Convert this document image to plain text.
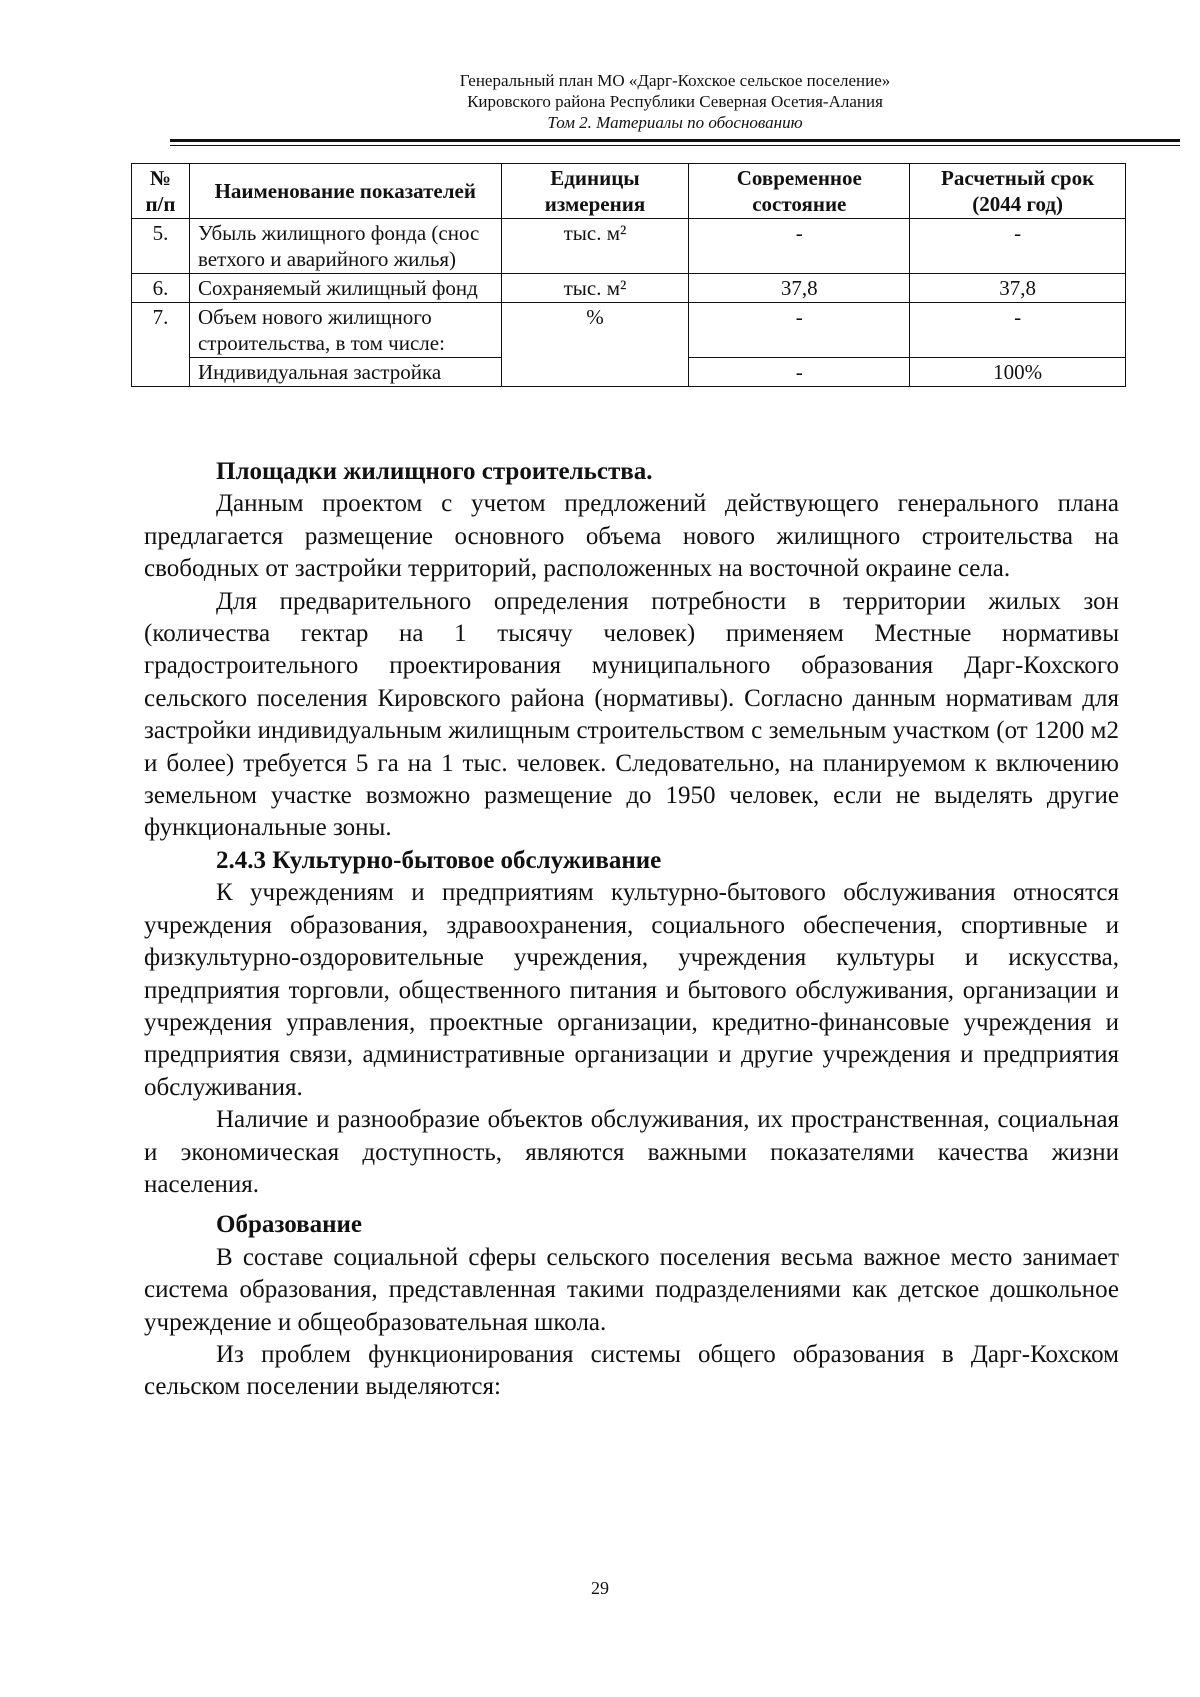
Генеральный план МО «Дарг-Кохское сельское поселение»
Кировского района Республики Северная Осетия-Алания
Том 2. Материалы по обоснованию
№ п/п	Наименование показателей	Единицы измерения	Современное состояние	Расчетный срок (2044 год)
5.	Убыль жилищного фонда (снос ветхого и аварийного жилья)	тыс. м²	-	-
6.	Сохраняемый жилищный фонд	тыс. м²	37,8	37,8
7.	Объем нового жилищного строительства, в том числе:	%	-	-
	Индивидуальная застройка		-	100%
Площадки жилищного строительства.

Данным проектом с учетом предложений действующего генерального плана предлагается размещение основного объема нового жилищного строительства на свободных от застройки территорий, расположенных на восточной окраине села.

Для предварительного определения потребности в территории жилых зон (количества гектар на 1 тысячу человек) применяем Местные нормативы градостроительного проектирования муниципального образования Дарг-Кохского сельского поселения Кировского района (нормативы). Согласно данным нормативам для застройки индивидуальным жилищным строительством с земельным участком (от 1200 м2 и более) требуется 5 га на 1 тыс. человек. Следовательно, на планируемом к включению земельном участке возможно размещение до 1950 человек, если не выделять другие функциональные зоны.

2.4.3 Культурно-бытовое обслуживание

К учреждениям и предприятиям культурно-бытового обслуживания относятся учреждения образования, здравоохранения, социального обеспечения, спортивные и физкультурно-оздоровительные учреждения, учреждения культуры и искусства, предприятия торговли, общественного питания и бытового обслуживания, организации и учреждения управления, проектные организации, кредитно-финансовые учреждения и предприятия связи, административные организации и другие учреждения и предприятия обслуживания.

Наличие и разнообразие объектов обслуживания, их пространственная, социальная и экономическая доступность, являются важными показателями качества жизни населения.

Образование

В составе социальной сферы сельского поселения весьма важное место занимает система образования, представленная такими подразделениями как детское дошкольное учреждение и общеобразовательная школа.

Из проблем функционирования системы общего образования в Дарг-Кохском сельском поселении выделяются:

29
